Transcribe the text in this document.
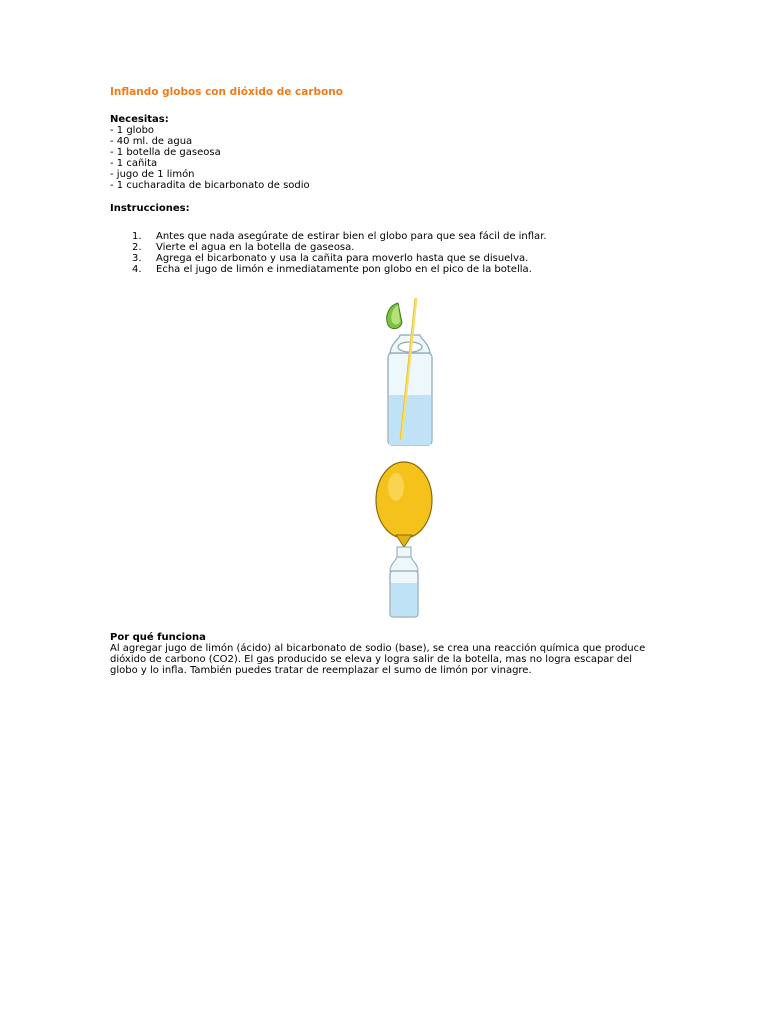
Inflando globos con dióxido de carbono
Necesitas:
- 1 globo
- 40 ml. de agua
- 1 botella de gaseosa
- 1 cañita
- jugo de 1 limón
- 1 cucharadita de bicarbonato de sodio
Instrucciones:
1. Antes que nada asegúrate de estirar bien el globo para que sea fácil de inflar.
2. Vierte el agua en la botella de gaseosa.
3. Agrega el bicarbonato y usa la cañita para moverlo hasta que se disuelva.
4. Echa el jugo de limón e inmediatamente pon globo en el pico de la botella.
Por qué funciona

Al agregar jugo de limón (ácido) al bicarbonato de sodio (base), se crea una reacción química que produce dióxido de carbono (CO2). El gas producido se eleva y logra salir de la botella, mas no logra escapar del globo y lo infla. También puedes tratar de reemplazar el sumo de limón por vinagre.
